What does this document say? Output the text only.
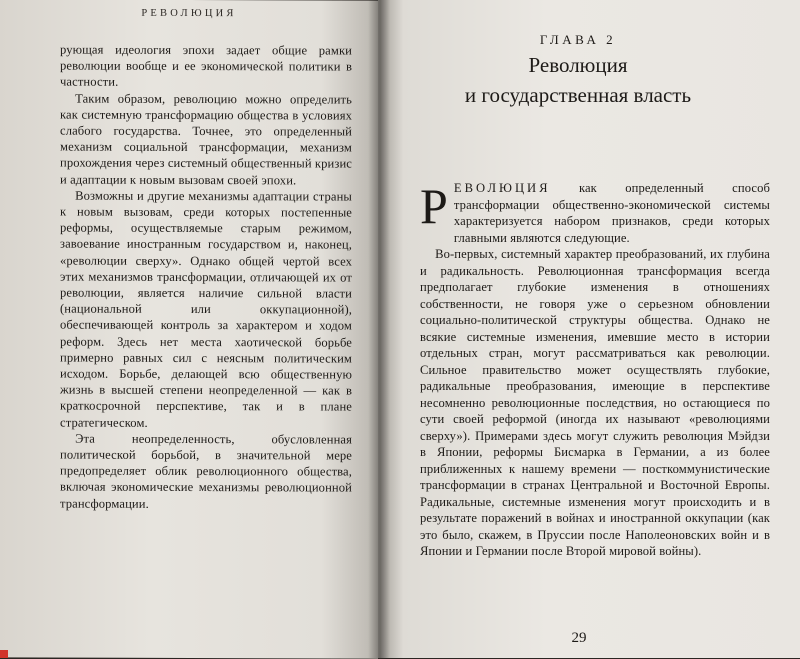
РЕВОЛЮЦИЯ

рующая идеология эпохи задает общие рамки революции вообще и ее экономической политики в частности.

Таким образом, революцию можно определить как системную трансформацию общества в условиях слабого государства. Точнее, это определенный механизм социальной трансформации, механизм прохождения через системный общественный кризис и адаптации к новым вызовам своей эпохи.

Возможны и другие механизмы адаптации страны к новым вызовам, среди которых постепенные реформы, осуществляемые старым режимом, завоевание иностранным государством и, наконец, «революции сверху». Однако общей чертой всех этих механизмов трансформации, отличающей их от революции, является наличие сильной власти (национальной или оккупационной), обеспечивающей контроль за характером и ходом реформ. Здесь нет места хаотической борьбе примерно равных сил с неясным политическим исходом. Борьбе, делающей всю общественную жизнь в высшей степени неопределенной — как в краткосрочной перспективе, так и в плане стратегическом.

Эта неопределенность, обусловленная политической борьбой, в значительной мере предопределяет облик революционного общества, включая экономические механизмы революционной трансформации.

ГЛАВА 2
Революция
и государственная власть

РЕВОЛЮЦИЯ как определенный способ трансформации общественно-экономической системы характеризуется набором признаков, среди которых главными являются следующие.

Во-первых, системный характер преобразований, их глубина и радикальность. Революционная трансформация всегда предполагает глубокие изменения в отношениях собственности, не говоря уже о серьезном обновлении социально-политической структуры общества. Однако не всякие системные изменения, имевшие место в истории отдельных стран, могут рассматриваться как революции. Сильное правительство может осуществлять глубокие, радикальные преобразования, имеющие в перспективе несомненно революционные последствия, но остающиеся по сути своей реформой (иногда их называют «революциями сверху»). Примерами здесь могут служить революция Мэйдзи в Японии, реформы Бисмарка в Германии, а из более приближенных к нашему времени — посткоммунистические трансформации в странах Центральной и Восточной Европы. Радикальные, системные изменения могут происходить и в результате поражений в войнах и иностранной оккупации (как это было, скажем, в Пруссии после Наполеоновских войн и в Японии и Германии после Второй мировой войны).

29
